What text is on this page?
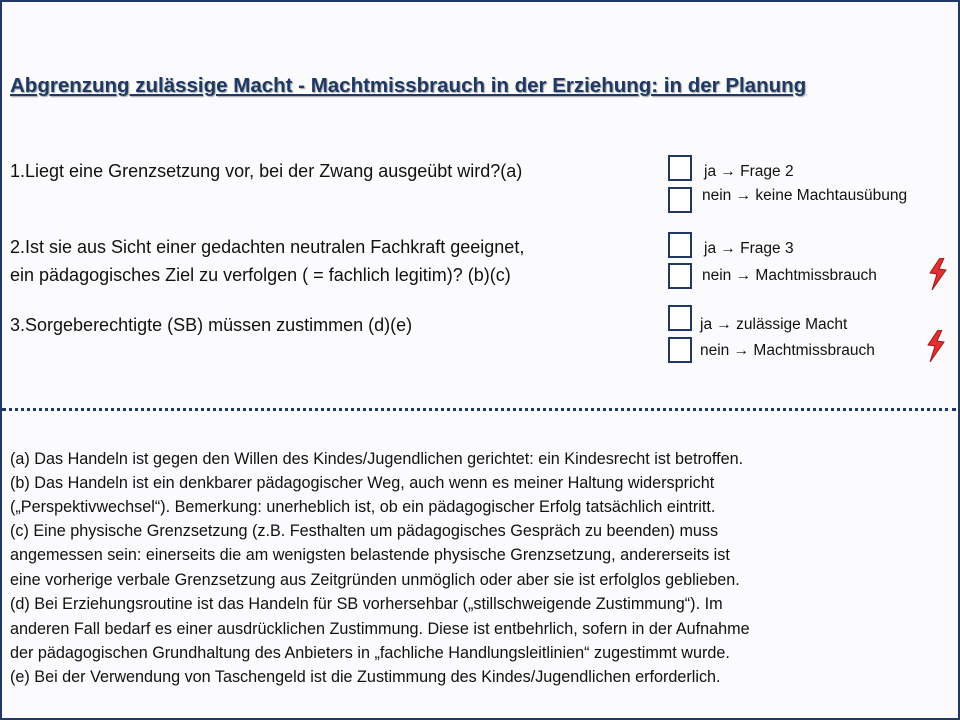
Abgrenzung zulässige Macht - Machtmissbrauch in der Erziehung: in der Planung
1.Liegt eine Grenzsetzung vor, bei der Zwang ausgeübt wird?(a)	ja → Frage 2
nein → keine Machtausübung
2.Ist sie aus Sicht einer gedachten neutralen Fachkraft geeignet,
ein pädagogisches Ziel zu verfolgen ( = fachlich legitim)? (b)(c)
ja → Frage 3
nein → Machtmissbrauch
3.Sorgeberechtigte (SB) müssen zustimmen (d)(e)	ja → zulässige Macht
nein → Machtmissbrauch
(a) Das Handeln ist gegen den Willen des Kindes/Jugendlichen gerichtet: ein Kindesrecht ist betroffen.
(b) Das Handeln ist ein denkbarer pädagogischer Weg, auch wenn es meiner Haltung widerspricht
(„Perspektivwechsel“). Bemerkung: unerheblich ist, ob ein pädagogischer Erfolg tatsächlich eintritt.
(c) Eine physische Grenzsetzung (z.B. Festhalten um pädagogisches Gespräch zu beenden) muss
angemessen sein: einerseits die am wenigsten belastende physische Grenzsetzung, andererseits ist
eine vorherige verbale Grenzsetzung aus Zeitgründen unmöglich oder aber sie ist erfolglos geblieben.
(d) Bei Erziehungsroutine ist das Handeln für SB vorhersehbar („stillschweigende Zustimmung“). Im
anderen Fall bedarf es einer ausdrücklichen Zustimmung. Diese ist entbehrlich, sofern in der Aufnahme
der pädagogischen Grundhaltung des Anbieters in „fachliche Handlungsleitlinien“ zugestimmt wurde.
(e) Bei der Verwendung von Taschengeld ist die Zustimmung des Kindes/Jugendlichen erforderlich.
